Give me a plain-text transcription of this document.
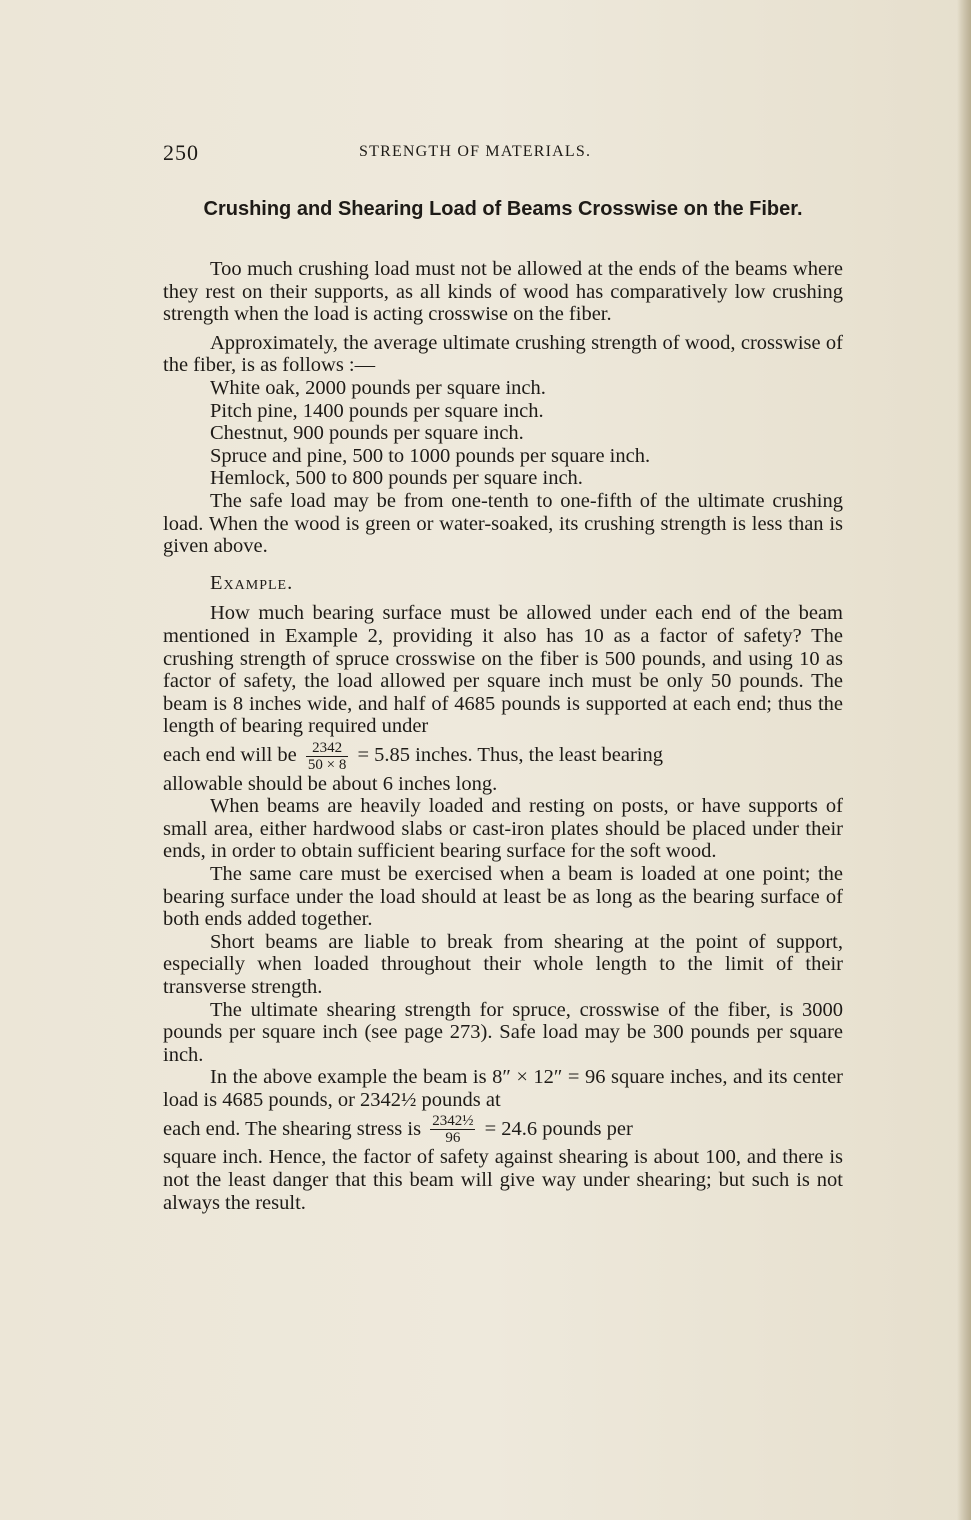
250	STRENGTH OF MATERIALS.
Crushing and Shearing Load of Beams Crosswise on the Fiber.

Too much crushing load must not be allowed at the ends of the beams where they rest on their supports, as all kinds of wood has comparatively low crushing strength when the load is acting crosswise on the fiber.

Approximately, the average ultimate crushing strength of wood, crosswise of the fiber, is as follows :—

White oak, 2000 pounds per square inch.
Pitch pine, 1400 pounds per square inch.
Chestnut, 900 pounds per square inch.
Spruce and pine, 500 to 1000 pounds per square inch.
Hemlock, 500 to 800 pounds per square inch.

The safe load may be from one-tenth to one-fifth of the ultimate crushing load. When the wood is green or water-soaked, its crushing strength is less than is given above.

Example.

How much bearing surface must be allowed under each end of the beam mentioned in Example 2, providing it also has 10 as a factor of safety? The crushing strength of spruce crosswise on the fiber is 500 pounds, and using 10 as factor of safety, the load allowed per square inch must be only 50 pounds. The beam is 8 inches wide, and half of 4685 pounds is supported at each end; thus the length of bearing required under

each end will be $\frac{2342}{50 \times 8} = 5.85$ inches. Thus, the least bearing

allowable should be about 6 inches long.

When beams are heavily loaded and resting on posts, or have supports of small area, either hardwood slabs or cast-iron plates should be placed under their ends, in order to obtain sufficient bearing surface for the soft wood.

The same care must be exercised when a beam is loaded at one point; the bearing surface under the load should at least be as long as the bearing surface of both ends added together.

Short beams are liable to break from shearing at the point of support, especially when loaded throughout their whole length to the limit of their transverse strength.

The ultimate shearing strength for spruce, crosswise of the fiber, is 3000 pounds per square inch (see page 273). Safe load may be 300 pounds per square inch.

In the above example the beam is 8″ × 12″ = 96 square inches, and its center load is 4685 pounds, or 2342½ pounds at

each end. The shearing stress is $\frac{\text{2342½}}{96} = 24.6$ pounds per

square inch. Hence, the factor of safety against shearing is about 100, and there is not the least danger that this beam will give way under shearing; but such is not always the result.
